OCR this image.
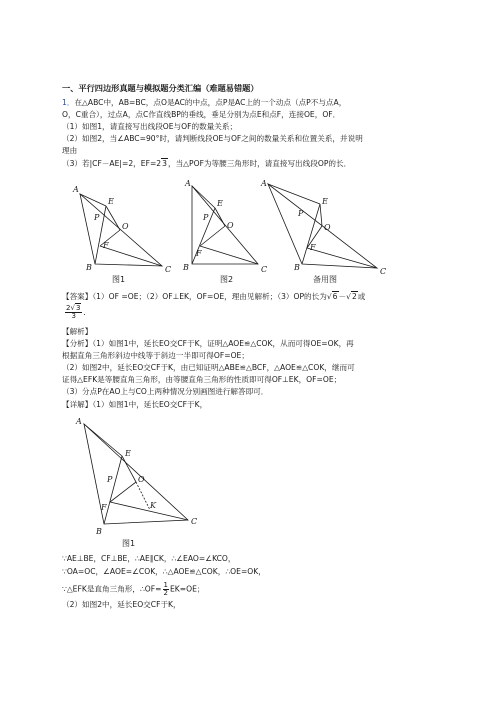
一、平行四边形真题与模拟题分类汇编（难题易错题）
1．在△ABC中，AB=BC，点O是AC的中点，点P是AC上的一个动点（点P不与点A，
O，C重合），过点A，点C作直线BP的垂线，垂足分别为点E和点F，连接OE，OF．
（1）如图1，请直接写出线段OE与OF的数量关系；
（2）如图2，当∠ABC=90°时，请判断线段OE与OF之间的数量关系和位置关系，并说明
理由
（3）若|CF－AE|=2，EF=23，当△POF为等腰三角形时，请直接写出线段OP的长．
A
E
P
O
F
B	C
图1
A
E
P
O
F
B	C
图2
A
E
P
O
F
B	C
备用图
【答案】（1）OF =OE；（2）OF⊥EK，OF=OE，理由见解析；（3）OP的长为√6－√2或
$\frac{2√3}{3}$ ．
【解析】
【分析】（1）如图1中，延长EO交CF于K，证明△AOE≌△COK，从而可得OE=OK，再
根据直角三角形斜边中线等于斜边一半即可得OF=OE；
（2）如图2中，延长EO交CF于K，由已知证明△ABE≌△BCF，△AOE≌△COK，继而可
证得△EFK是等腰直角三角形，由等腰直角三角形的性质即可得OF⊥EK，OF=OE；
（3）分点P在AO上与CO上两种情况分别画图进行解答即可．
【详解】（1）如图1中，延长EO交CF于K，
A
E
P	O
K
F
B
C
图1
∵AE⊥BE，CF⊥BE，∴AE∥CK，∴∠EAO=∠KCO，
∵OA=OC，∠AOE=∠COK，∴△AOE≌△COK，∴OE=OK，
∵△EFK是直角三角形，∴OF= $\frac{1}{2} EK=OE$；
（2）如图2中，延长EO交CF于K，
